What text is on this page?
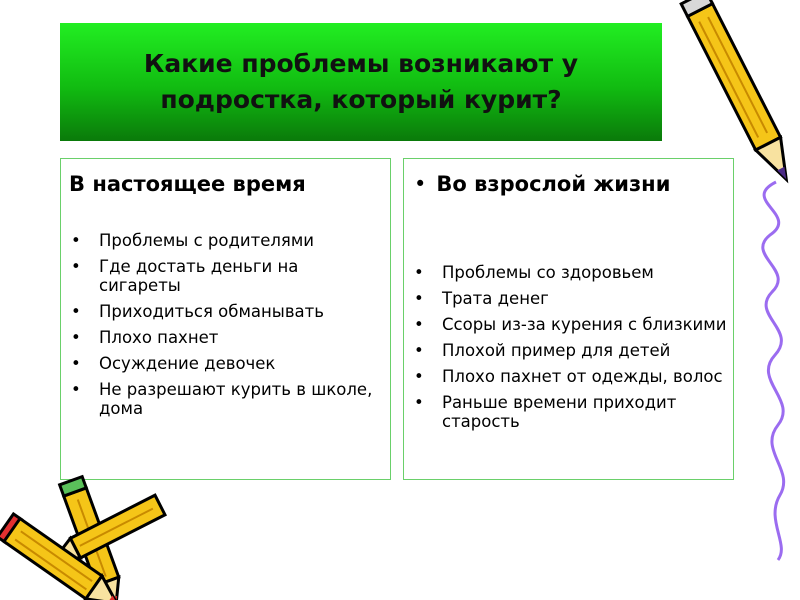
Какие проблемы возникают у подростка, который курит?
В настоящее время
•	Проблемы с родителями
•	Где достать деньги на сигареты
•	Приходиться обманывать
•	Плохо пахнет
•	Осуждение девочек
•	Не разрешают курить в школе, дома
• Во взрослой жизни
•	Проблемы со здоровьем
•	Трата денег
•	Ссоры из-за курения с близкими
•	Плохой пример для детей
•	Плохо пахнет от одежды, волос
•	Раньше времени приходит старость
